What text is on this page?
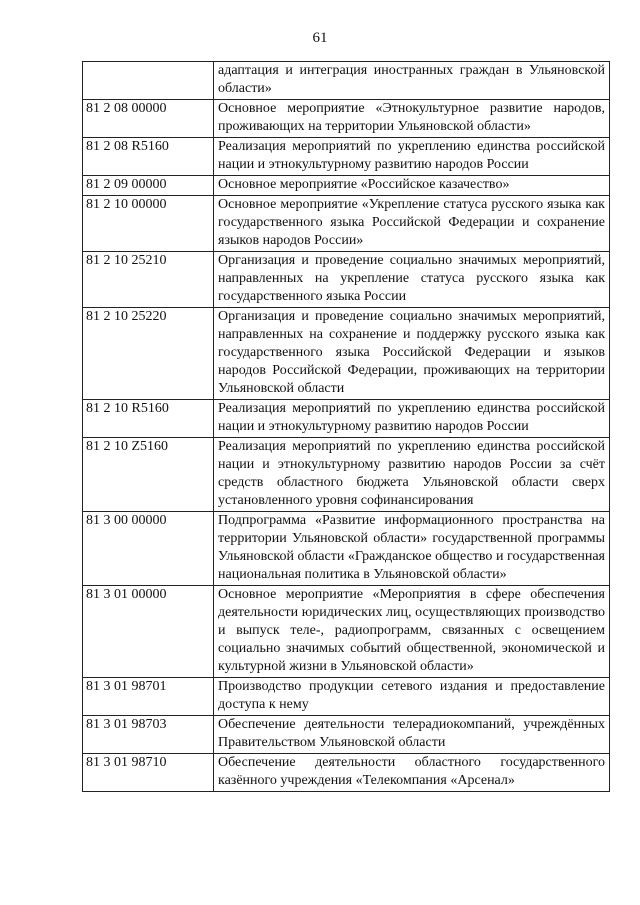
61
	адаптация и интеграция иностранных граждан в Ульяновской области»
81 2 08 00000	Основное мероприятие «Этнокультурное развитие народов, проживающих на территории Ульяновской области»
81 2 08 R5160	Реализация мероприятий по укреплению единства российской нации и этнокультурному развитию народов России
81 2 09 00000	Основное мероприятие «Российское казачество»
81 2 10 00000	Основное мероприятие «Укрепление статуса русского языка как государственного языка Российской Федерации и сохранение языков народов России»
81 2 10 25210	Организация и проведение социально значимых мероприятий, направленных на укрепление статуса русского языка как государственного языка России
81 2 10 25220	Организация и проведение социально значимых мероприятий, направленных на сохранение и поддержку русского языка как государственного языка Российской Федерации и языков народов Российской Федерации, проживающих на территории Ульяновской области
81 2 10 R5160	Реализация мероприятий по укреплению единства российской нации и этнокультурному развитию народов России
81 2 10 Z5160	Реализация мероприятий по укреплению единства российской нации и этнокультурному развитию народов России за счёт средств областного бюджета Ульяновской области сверх установленного уровня софинансирования
81 3 00 00000	Подпрограмма «Развитие информационного пространства на территории Ульяновской области» государственной программы Ульяновской области «Гражданское общество и государственная национальная политика в Ульяновской области»
81 3 01 00000	Основное мероприятие «Мероприятия в сфере обеспечения деятельности юридических лиц, осуществляющих производство и выпуск теле-, радиопрограмм, связанных с освещением социально значимых событий общественной, экономической и культурной жизни в Ульяновской области»
81 3 01 98701	Производство продукции сетевого издания и предоставление доступа к нему
81 3 01 98703	Обеспечение деятельности телерадиокомпаний, учреждённых Правительством Ульяновской области
81 3 01 98710	Обеспечение деятельности областного государственного казённого учреждения «Телекомпания «Арсенал»
